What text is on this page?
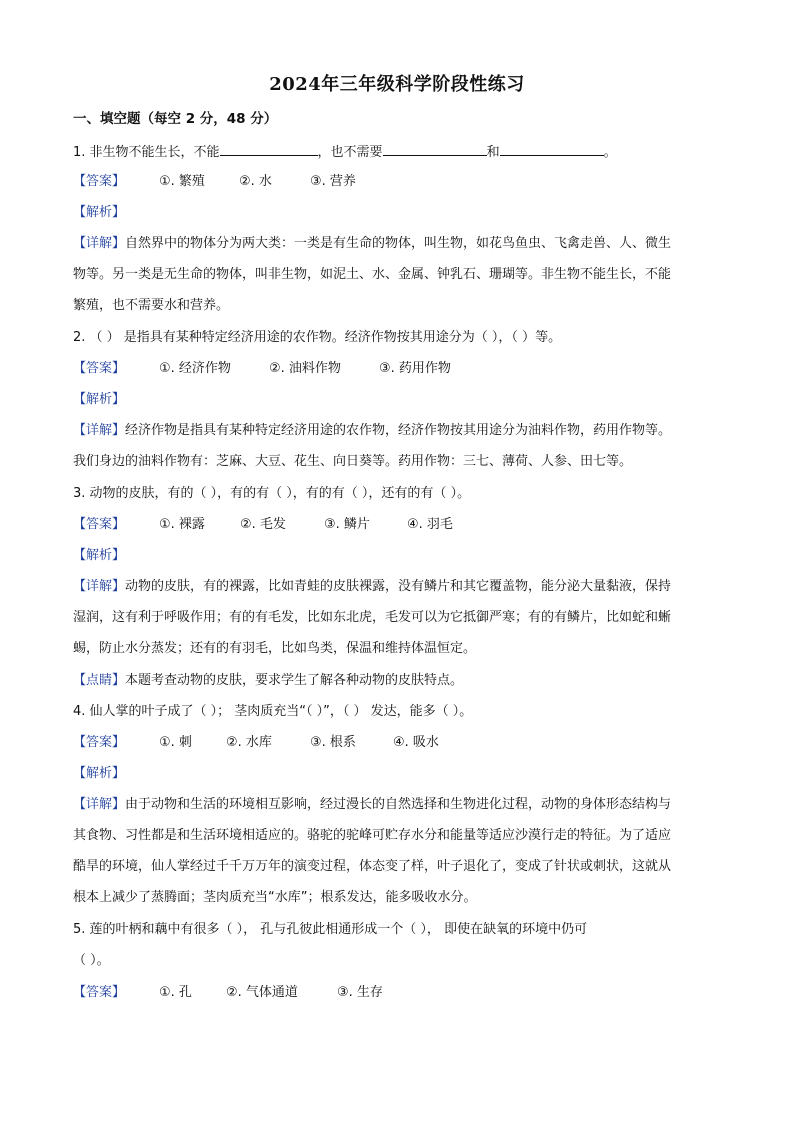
2024年三年级科学阶段性练习
一、填空题（每空 2 分，48 分）
1. 非生物不能生长，不能	，也不需要	和	。
【答案】	①. 繁殖	②. 水	③. 营养
【解析】
【详解】自然界中的物体分为两大类：一类是有生命的物体，叫生物，如花鸟鱼虫、飞禽走兽、人、微生
物等。另一类是无生命的物体，叫非生物，如泥土、水、金属、钟乳石、珊瑚等。非生物不能生长，不能
繁殖，也不需要水和营养。
2. （ ） 是指具有某种特定经济用途的农作物。经济作物按其用途分为（ ），（ ）等。
【答案】	①. 经济作物	②. 油料作物	③. 药用作物
【解析】
【详解】经济作物是指具有某种特定经济用途的农作物，经济作物按其用途分为油料作物，药用作物等。
我们身边的油料作物有：芝麻、大豆、花生、向日葵等。药用作物：三七、薄荷、人参、田七等。
3. 动物的皮肤，有的（ ），有的有（ ），有的有（ ），还有的有（ ）。
【答案】	①. 裸露	②. 毛发	③. 鳞片	④. 羽毛
【解析】
【详解】动物的皮肤，有的裸露，比如青蛙的皮肤裸露，没有鳞片和其它覆盖物，能分泌大量黏液，保持
湿润，这有利于呼吸作用；有的有毛发，比如东北虎，毛发可以为它抵御严寒；有的有鳞片，比如蛇和蜥
蜴，防止水分蒸发；还有的有羽毛，比如鸟类，保温和维持体温恒定。
【点睛】本题考查动物的皮肤，要求学生了解各种动物的皮肤特点。
4. 仙人掌的叶子成了（ ）； 茎肉质充当“（ ）”，（ ） 发达，能多（ ）。
【答案】	①. 刺	②. 水库	③. 根系	④. 吸水
【解析】
【详解】由于动物和生活的环境相互影响，经过漫长的自然选择和生物进化过程，动物的身体形态结构与
其食物、习性都是和生活环境相适应的。骆驼的驼峰可贮存水分和能量等适应沙漠行走的特征。为了适应
酷旱的环境，仙人掌经过千千万万年的演变过程，体态变了样，叶子退化了，变成了针状或刺状，这就从
根本上减少了蒸腾面；茎肉质充当“水库”；根系发达，能多吸收水分。
5. 莲的叶柄和藕中有很多（ ）， 孔与孔彼此相通形成一个（ ）， 即使在缺氧的环境中仍可
（ ）。
【答案】	①. 孔	②. 气体通道	③. 生存
